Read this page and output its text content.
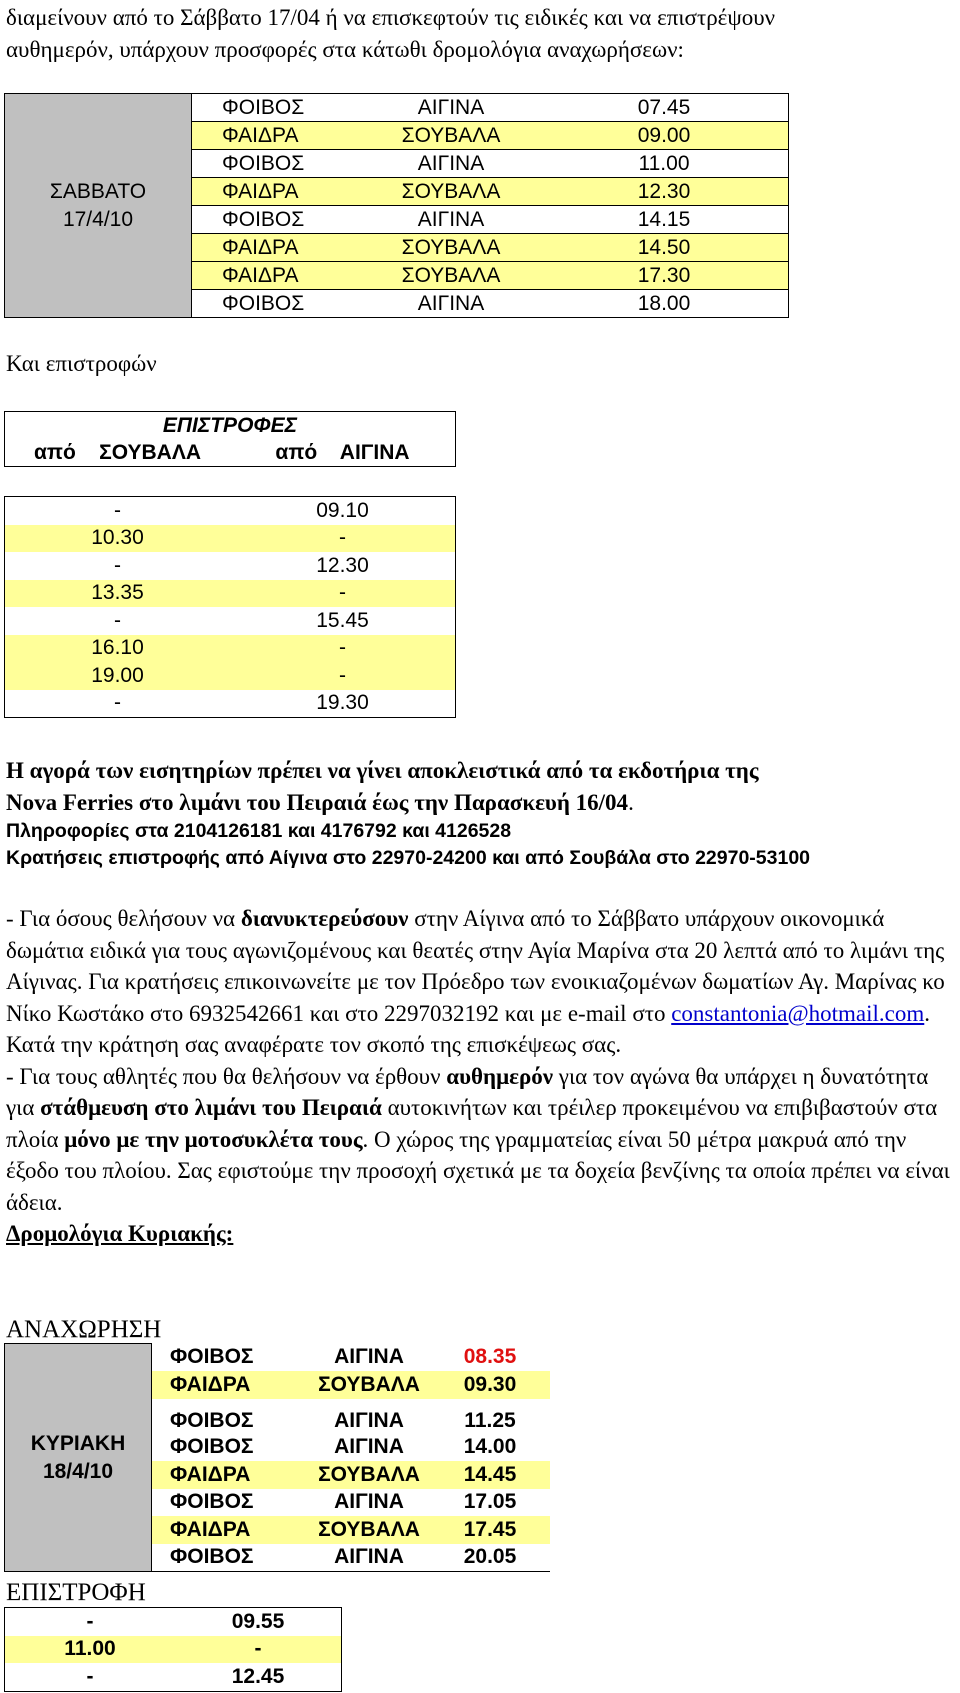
διαμείνουν από το Σάββατο 17/04 ή να επισκεφτούν τις ειδικές και να επιστρέψουν

αυθημερόν, υπάρχουν προσφορές στα κάτωθι δρομολόγια αναχωρήσεων:

ΣΑΒΒΑΤΟ
17/4/10	ΦΟΙΒΟΣ	ΑΙΓΙΝΑ	07.45
	ΦΑΙΔΡΑ	ΣΟΥΒΑΛΑ	09.00
	ΦΟΙΒΟΣ	ΑΙΓΙΝΑ	11.00
	ΦΑΙΔΡΑ	ΣΟΥΒΑΛΑ	12.30
	ΦΟΙΒΟΣ	ΑΙΓΙΝΑ	14.15
	ΦΑΙΔΡΑ	ΣΟΥΒΑΛΑ	14.50
	ΦΑΙΔΡΑ	ΣΟΥΒΑΛΑ	17.30
	ΦΟΙΒΟΣ	ΑΙΓΙΝΑ	18.00
Και επιστροφών
ΕΠΙΣΤΡΟΦΕΣ
από    ΣΟΥΒΑΛΑ	από    ΑΙΓΙΝΑ
-	09.10
10.30	-
-	12.30
13.35	-
-	15.45
16.10	-
19.00	-
-	19.30

Η αγορά των εισητηρίων πρέπει να γίνει αποκλειστικά από τα εκδοτήρια της

Nova Ferries στο λιμάνι του Πειραιά έως την Παρασκευή 16/04.

Πληροφορίες στα 2104126181 και 4176792 και 4126528

Κρατήσεις επιστροφής από Αίγινα στο 22970-24200 και από Σουβάλα στο 22970-53100

- Για όσους θελήσουν να διανυκτερεύσουν στην Αίγινα από το Σάββατο υπάρχουν οικονομικά δωμάτια ειδικά για τους αγωνιζομένους και θεατές στην Αγία Μαρίνα στα 20 λεπτά από το λιμάνι της Αίγινας. Για κρατήσεις επικοινωνείτε με τον Πρόεδρο των ενοικιαζομένων δωματίων Αγ. Μαρίνας κο Νίκο Κωστάκο στο 6932542661 και στο 2297032192 και με e-mail στο constantonia@hotmail.com. Κατά την κράτηση σας αναφέρατε τον σκοπό της επισκέψεως σας.

- Για τους αθλητές που θα θελήσουν να έρθουν αυθημερόν για τον αγώνα θα υπάρχει η δυνατότητα για στάθμευση στο λιμάνι του Πειραιά αυτοκινήτων και τρέιλερ προκειμένου να επιβιβαστούν στα πλοία μόνο με την μοτοσυκλέτα τους. Ο χώρος της γραμματείας είναι 50 μέτρα μακρυά από την έξοδο του πλοίου. Σας εφιστούμε την προσοχή σχετικά με τα δοχεία βενζίνης τα οποία πρέπει να είναι άδεια.

Δρομολόγια Κυριακής:

ΑΝΑΧΩΡΗΣΗ
ΚΥΡΙΑΚΗ
18/4/10	ΦΟΙΒΟΣ	ΑΙΓΙΝΑ	08.35
	ΦΑΙΔΡΑ	ΣΟΥΒΑΛΑ	09.30
	ΦΟΙΒΟΣ	ΑΙΓΙΝΑ	11.25
	ΦΟΙΒΟΣ	ΑΙΓΙΝΑ	14.00
	ΦΑΙΔΡΑ	ΣΟΥΒΑΛΑ	14.45
	ΦΟΙΒΟΣ	ΑΙΓΙΝΑ	17.05
	ΦΑΙΔΡΑ	ΣΟΥΒΑΛΑ	17.45
	ΦΟΙΒΟΣ	ΑΙΓΙΝΑ	20.05
ΕΠΙΣΤΡΟΦΗ
-	09.55
11.00	-
-	12.45
